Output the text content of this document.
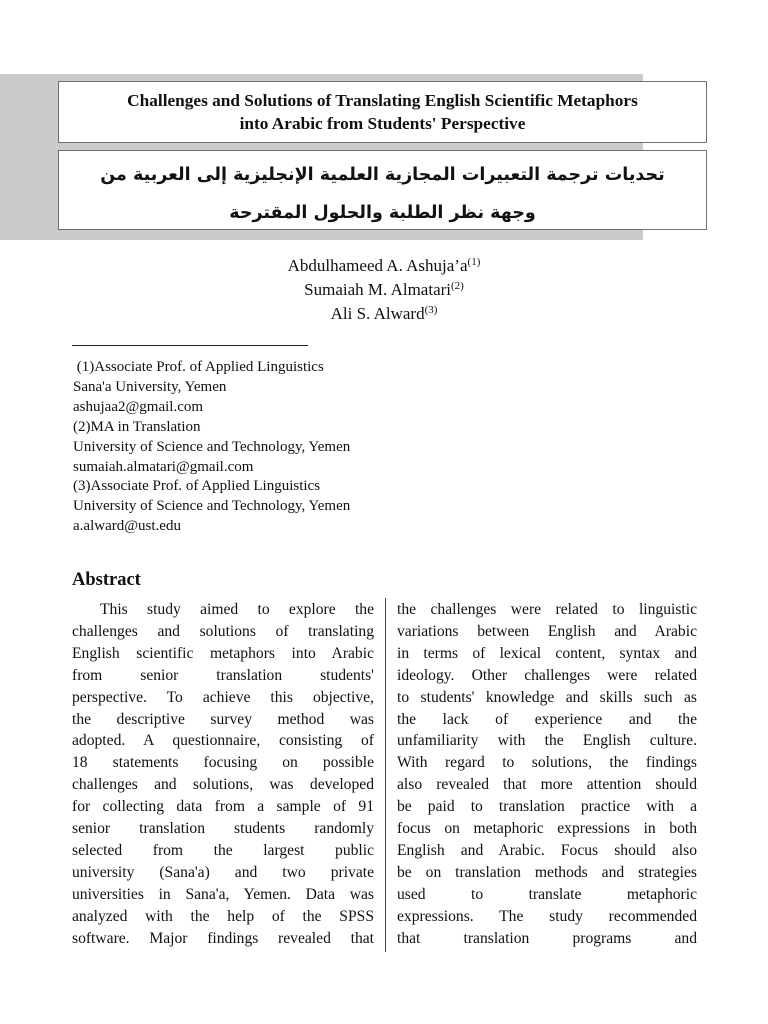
Challenges and Solutions of Translating English Scientific Metaphors
into Arabic from Students' Perspective
تحديات ترجمة التعبيرات المجازية العلمية الإنجليزية إلى العربية من
وجهة نظر الطلبة والحلول المقترحة
Abdulhameed A. $Ashuja’a^{(1)}$
Sumaiah M. Almatari$^{(2)}$
Ali S. Alward$^{(3)}$
(1)Associate Prof. of Applied Linguistics
Sana'a University, Yemen
ashujaa2@gmail.com
(2)MA in Translation
University of Science and Technology, Yemen
sumaiah.almatari@gmail.com
(3)Associate Prof. of Applied Linguistics
University of Science and Technology, Yemen
a.alward@ust.edu
Abstract
This study aimed to explore the
challenges and solutions of translating
English scientific metaphors into Arabic
from senior translation students'
perspective. To achieve this objective,
the descriptive survey method was
adopted. A questionnaire, consisting of
18 statements focusing on possible
challenges and solutions, was developed
for collecting data from a sample of 91
senior translation students randomly
selected from the largest public
university (Sana'a) and two private
universities in Sana'a, Yemen. Data was
analyzed with the help of the SPSS
software. Major findings revealed that
the challenges were related to linguistic
variations between English and Arabic
in terms of lexical content, syntax and
ideology. Other challenges were related
to students' knowledge and skills such as
the lack of experience and the
unfamiliarity with the English culture.
With regard to solutions, the findings
also revealed that more attention should
be paid to translation practice with a
focus on metaphoric expressions in both
English and Arabic. Focus should also
be on translation methods and strategies
used to translate metaphoric
expressions. The study recommended
that translation programs and
